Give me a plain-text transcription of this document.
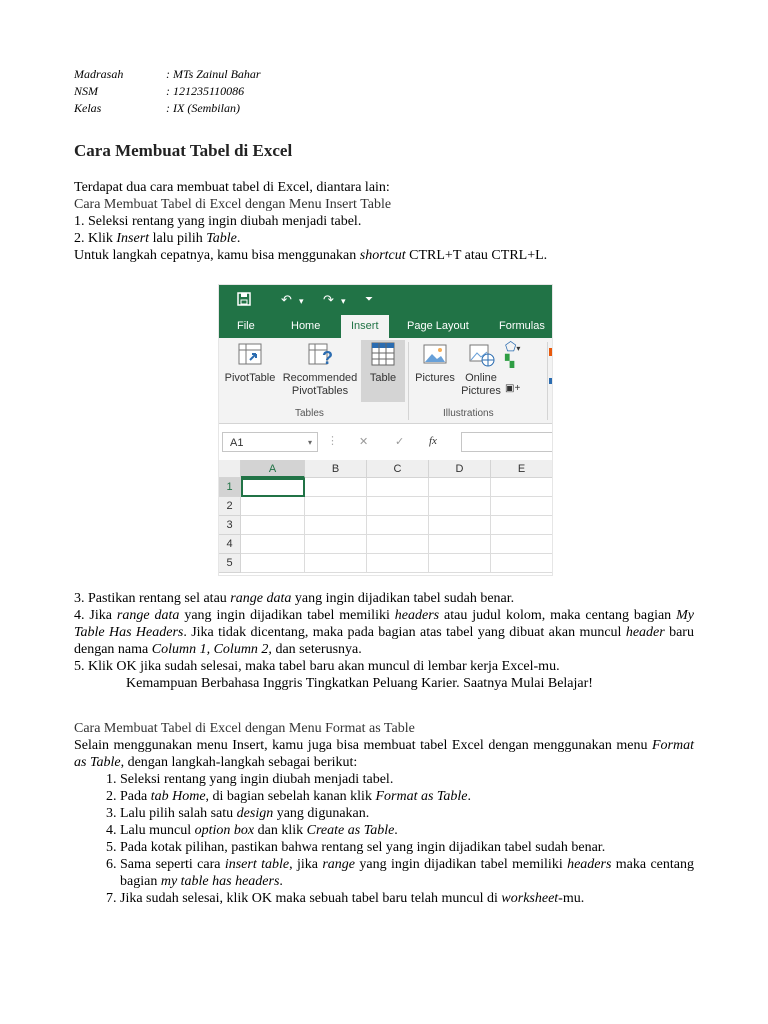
Madrasah	: MTs Zainul Bahar
NSM	: 121235110086
Kelas	: IX (Sembilan)
Cara Membuat Tabel di Excel

Terdapat dua cara membuat tabel di Excel, diantara lain:

Cara Membuat Tabel di Excel dengan Menu Insert Table

1. Seleksi rentang yang ingin diubah menjadi tabel.

2. Klik Insert lalu pilih Table.

Untuk langkah cepatnya, kamu bisa menggunakan shortcut CTRL+T atau CTRL+L.

↶ ▾ ↷ ▾ ⏷
File	Home	Insert	Page Layout	Formulas

PivotTable
?

Recommended
PivotTables

Table	Pictures Online
Pictures
⬠▾
▚

▣+
Tables	Illustrations
A1	▾ ⋮ ✕ ✓ fx
A	B	C	D	E
1
2
3
4
5

3. Pastikan rentang sel atau range data yang ingin dijadikan tabel sudah benar.

4. Jika range data yang ingin dijadikan tabel memiliki headers atau judul kolom, maka centang bagian My Table Has Headers. Jika tidak dicentang, maka pada bagian atas tabel yang dibuat akan muncul header baru dengan nama Column 1, Column 2, dan seterusnya.

5. Klik OK jika sudah selesai, maka tabel baru akan muncul di lembar kerja Excel-mu.

Kemampuan Berbahasa Inggris Tingkatkan Peluang Karier. Saatnya Mulai Belajar!

Cara Membuat Tabel di Excel dengan Menu Format as Table

Selain menggunakan menu Insert, kamu juga bisa membuat tabel Excel dengan menggunakan menu Format as Table, dengan langkah-langkah sebagai berikut:

1. Seleksi rentang yang ingin diubah menjadi tabel.
2. Pada tab Home, di bagian sebelah kanan klik Format as Table.
3. Lalu pilih salah satu design yang digunakan.
4. Lalu muncul option box dan klik Create as Table.
5. Pada kotak pilihan, pastikan bahwa rentang sel yang ingin dijadikan tabel sudah benar.
6. Sama seperti cara insert table, jika range yang ingin dijadikan tabel memiliki headers maka centang bagian my table has headers.
7. Jika sudah selesai, klik OK maka sebuah tabel baru telah muncul di worksheet-mu.
